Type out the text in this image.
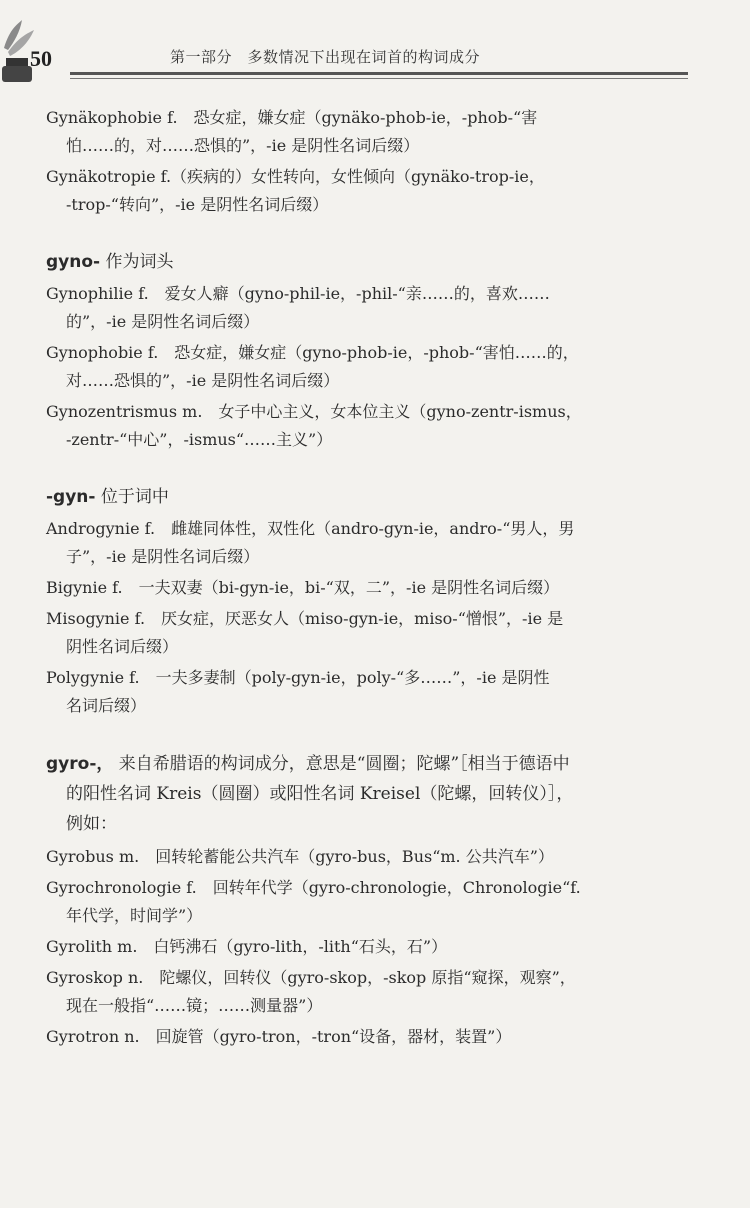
50	第一部分　多数情况下出现在词首的构词成分
Gynäkophobie f.　恐女症，嫌女症（gynäko-phob-ie，-phob-“害
怕……的，对……恐惧的”，-ie 是阴性名词后缀）
Gynäkotropie f.（疾病的）女性转向，女性倾向（gynäko-trop-ie，
-trop-“转向”，-ie 是阴性名词后缀）
gyno- 作为词头
Gynophilie f.　爱女人癖（gyno-phil-ie，-phil-“亲……的，喜欢……
的”，-ie 是阴性名词后缀）
Gynophobie f.　恐女症，嫌女症（gyno-phob-ie，-phob-“害怕……的，
对……恐惧的”，-ie 是阴性名词后缀）
Gynozentrismus m.　女子中心主义，女本位主义（gyno-zentr-ismus，
-zentr-“中心”，-ismus“……主义”）
-gyn- 位于词中
Androgynie f.　雌雄同体性，双性化（andro-gyn-ie，andro-“男人，男
子”，-ie 是阴性名词后缀）
Bigynie f.　一夫双妻（bi-gyn-ie，bi-“双，二”，-ie 是阴性名词后缀）
Misogynie f.　厌女症，厌恶女人（miso-gyn-ie，miso-“憎恨”，-ie 是
阴性名词后缀）
Polygynie f.　一夫多妻制（poly-gyn-ie，poly-“多……”，-ie 是阴性
名词后缀）
gyro-， 来自希腊语的构词成分，意思是“圆圈；陀螺”［相当于德语中
的阳性名词 Kreis（圆圈）或阳性名词 Kreisel（陀螺，回转仪）］，
例如：
Gyrobus m.　回转轮蓄能公共汽车（gyro-bus，Bus“m. 公共汽车”）
Gyrochronologie f.　回转年代学（gyro-chronologie，Chronologie“f.
年代学，时间学”）
Gyrolith m.　白钙沸石（gyro-lith，-lith“石头，石”）
Gyroskop n.　陀螺仪，回转仪（gyro-skop，-skop 原指“窥探，观察”，
现在一般指“……镜；……测量器”）
Gyrotron n.　回旋管（gyro-tron，-tron“设备，器材，装置”）
